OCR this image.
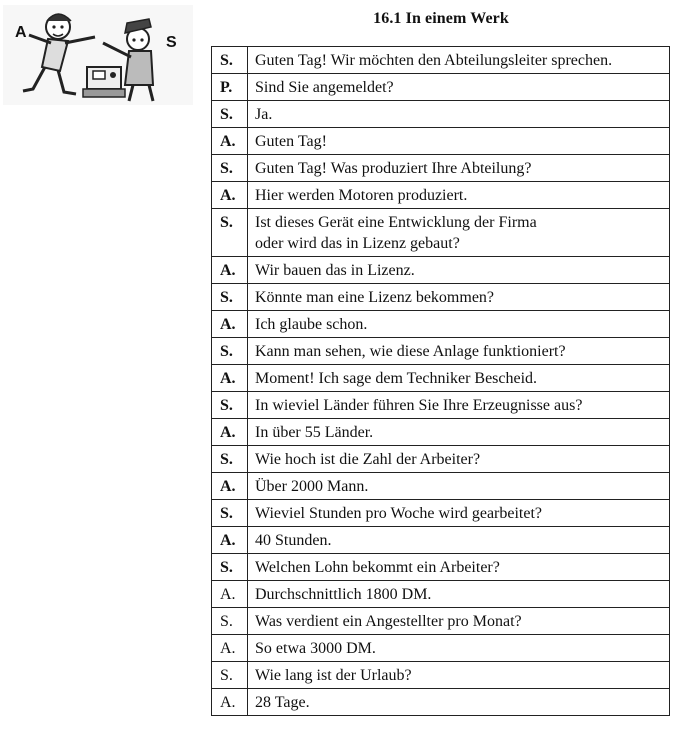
A
S
16.1 In einem Werk
S.	Guten Tag! Wir möchten den Abteilungsleiter sprechen.

P.	Sind Sie angemeldet?

S.	Ja.

A.	Guten Tag!

S.	Guten Tag! Was produziert Ihre Abteilung?

A.	Hier werden Motoren produziert.

S.	Ist dieses Gerät eine Entwicklung der Firma
oder wird das in Lizenz gebaut?

A.	Wir bauen das in Lizenz.

S.	Könnte man eine Lizenz bekommen?

A.	Ich glaube schon.

S.	Kann man sehen, wie diese Anlage funktioniert?

A.	Moment! Ich sage dem Techniker Bescheid.

S.	In wieviel Länder führen Sie Ihre Erzeugnisse aus?

A.	In über 55 Länder.

S.	Wie hoch ist die Zahl der Arbeiter?

A.	Über 2000 Mann.

S.	Wieviel Stunden pro Woche wird gearbeitet?

A.	40 Stunden.

S.	Welchen Lohn bekommt ein Arbeiter?

A.	Durchschnittlich 1800 DM.

S.	Was verdient ein Angestellter pro Monat?

A.	So etwa 3000 DM.

S.	Wie lang ist der Urlaub?

A.	28 Tage.
